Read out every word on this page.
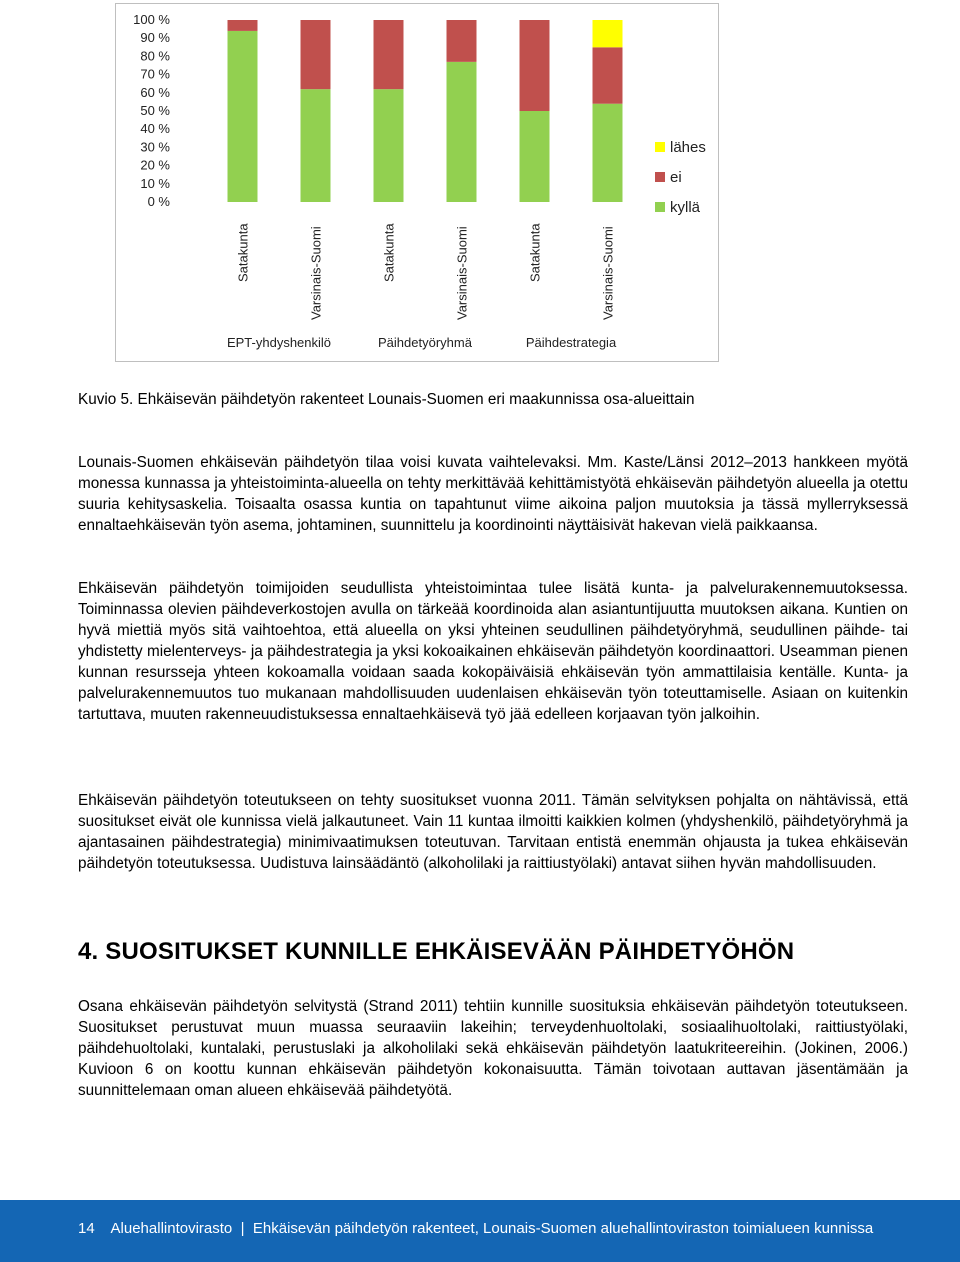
100 %
90 %
80 %
70 %
60 %
50 %
40 %
30 %
20 %
10 %
0 %
Satakunta	Varsinais-Suomi	Satakunta	Varsinais-Suomi	Satakunta	Varsinais-Suomi
EPT-yhdyshenkilö	Päihdetyöryhmä	Päihdestrategia
lähes
ei
kyllä

Kuvio 5. Ehkäisevän päihdetyön rakenteet Lounais-Suomen eri maakunnissa osa-alueittain

Lounais-Suomen ehkäisevän päihdetyön tilaa voisi kuvata vaihtelevaksi. Mm. Kaste/Länsi 2012–2013 hankkeen myötä monessa kunnassa ja yhteistoiminta-alueella on tehty merkittävää kehittämistyötä ehkäisevän päihdetyön alueella ja otettu suuria kehitysaskelia. Toisaalta osassa kuntia on tapahtunut viime aikoina paljon muutoksia ja tässä myllerryksessä ennaltaehkäisevän työn asema, johtaminen, suunnittelu ja koordinointi näyttäisivät hakevan vielä paikkaansa.

Ehkäisevän päihdetyön toimijoiden seudullista yhteistoimintaa tulee lisätä kunta- ja palvelurakennemuutoksessa. Toiminnassa olevien päihdeverkostojen avulla on tärkeää koordinoida alan asiantuntijuutta muutoksen aikana. Kuntien on hyvä miettiä myös sitä vaihtoehtoa, että alueella on yksi yhteinen seudullinen päihdetyöryhmä, seudullinen päihde- tai yhdistetty mielenterveys- ja päihdestrategia ja yksi kokoaikainen ehkäisevän päihdetyön koordinaattori. Useamman pienen kunnan resursseja yhteen kokoamalla voidaan saada kokopäiväisiä ehkäisevän työn ammattilaisia kentälle. Kunta- ja palvelurakennemuutos tuo mukanaan mahdollisuuden uudenlaisen ehkäisevän työn toteuttamiselle. Asiaan on kuitenkin tartuttava, muuten rakenneuudistuksessa ennaltaehkäisevä työ jää edelleen korjaavan työn jalkoihin.

Ehkäisevän päihdetyön toteutukseen on tehty suositukset vuonna 2011. Tämän selvityksen pohjalta on nähtävissä, että suositukset eivät ole kunnissa vielä jalkautuneet. Vain 11 kuntaa ilmoitti kaikkien kolmen (yhdyshenkilö, päihdetyöryhmä ja ajantasainen päihdestrategia) minimivaatimuksen toteutuvan. Tarvitaan entistä enemmän ohjausta ja tukea ehkäisevän päihdetyön toteutuksessa. Uudistuva lainsäädäntö (alkoholilaki ja raittiustyölaki) antavat siihen hyvän mahdollisuuden.

4. SUOSITUKSET KUNNILLE EHKÄISEVÄÄN PÄIHDETYÖHÖN

Osana ehkäisevän päihdetyön selvitystä (Strand 2011) tehtiin kunnille suosituksia ehkäisevän päihdetyön toteutukseen. Suositukset perustuvat muun muassa seuraaviin lakeihin; terveydenhuoltolaki, sosiaalihuoltolaki, raittiustyölaki, päihdehuoltolaki, kuntalaki, perustuslaki ja alkoholilaki sekä ehkäisevän päihdetyön laatukriteereihin. (Jokinen, 2006.) Kuvioon 6 on koottu kunnan ehkäisevän päihdetyön kokonaisuutta. Tämän toivotaan auttavan jäsentämään ja suunnittelemaan oman alueen ehkäisevää päihdetyötä.

14 Aluehallintovirasto | Ehkäisevän päihdetyön rakenteet, Lounais-Suomen aluehallintoviraston toimialueen kunnissa
